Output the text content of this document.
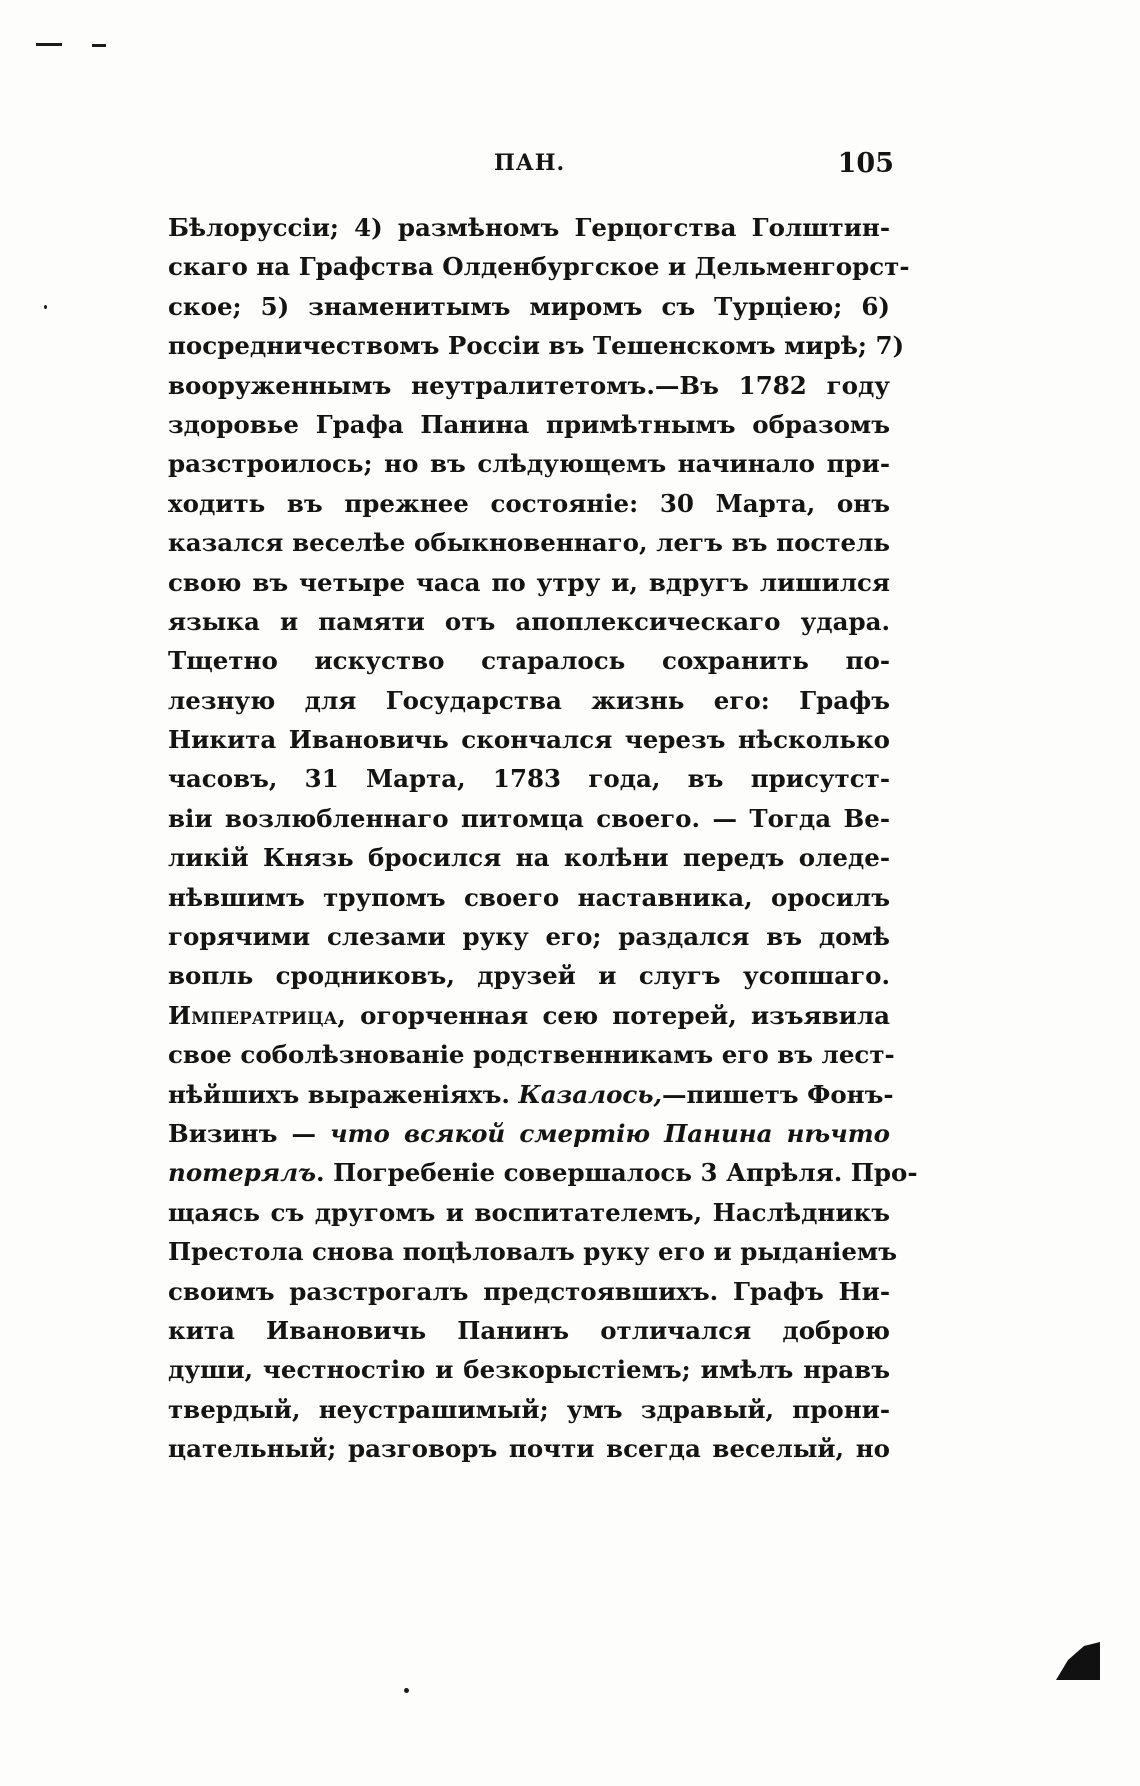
ПАН.	105
Бѣлоруссіи; 4) размѣномъ Герцогства Голштин-
скаго на Графства Олденбургское и Дельменгорст-
ское; 5) знаменитымъ миромъ съ Турціею; 6)
посредничествомъ Россіи въ Тешенскомъ мирѣ; 7)
вооруженнымъ неутралитетомъ.—Въ 1782 году
здоровье Графа Панина примѣтнымъ образомъ
разстроилось; но въ слѣдующемъ начинало при-
ходить въ прежнее состояніе: 30 Марта, онъ
казался веселѣе обыкновеннаго, легъ въ постель
свою въ четыре часа по утру и, вдругъ лишился
языка и памяти отъ апоплексическаго удара.
Тщетно искуство старалось сохранить по-
лезную для Государства жизнь его: Графъ
Никита Ивановичь скончался черезъ нѣсколько
часовъ, 31 Марта, 1783 года, въ присутст-
віи возлюбленнаго питомца своего. — Тогда Ве-
ликій Князь бросился на колѣни передъ оледе-
нѣвшимъ трупомъ своего наставника, оросилъ
горячими слезами руку его; раздался въ домѣ
вопль сродниковъ, друзей и слугъ усопшаго.
Императрица, огорченная сею потерей, изъявила
свое соболѣзнованіе родственникамъ его въ лест-
нѣйшихъ выраженіяхъ. Казалось,—пишетъ Фонъ-
Визинъ — что всякой смертію Панина нѣчто
потерялъ. Погребеніе совершалось 3 Апрѣля. Про-
щаясь съ другомъ и воспитателемъ, Наслѣдникъ
Престола снова поцѣловалъ руку его и рыданіемъ
своимъ разстрогалъ предстоявшихъ. Графъ Ни-
кита Ивановичь Панинъ отличался доброю
души, честностію и безкорыстіемъ; имѣлъ нравъ
твердый, неустрашимый; умъ здравый, прони-
цательный; разговоръ почти всегда веселый, но
